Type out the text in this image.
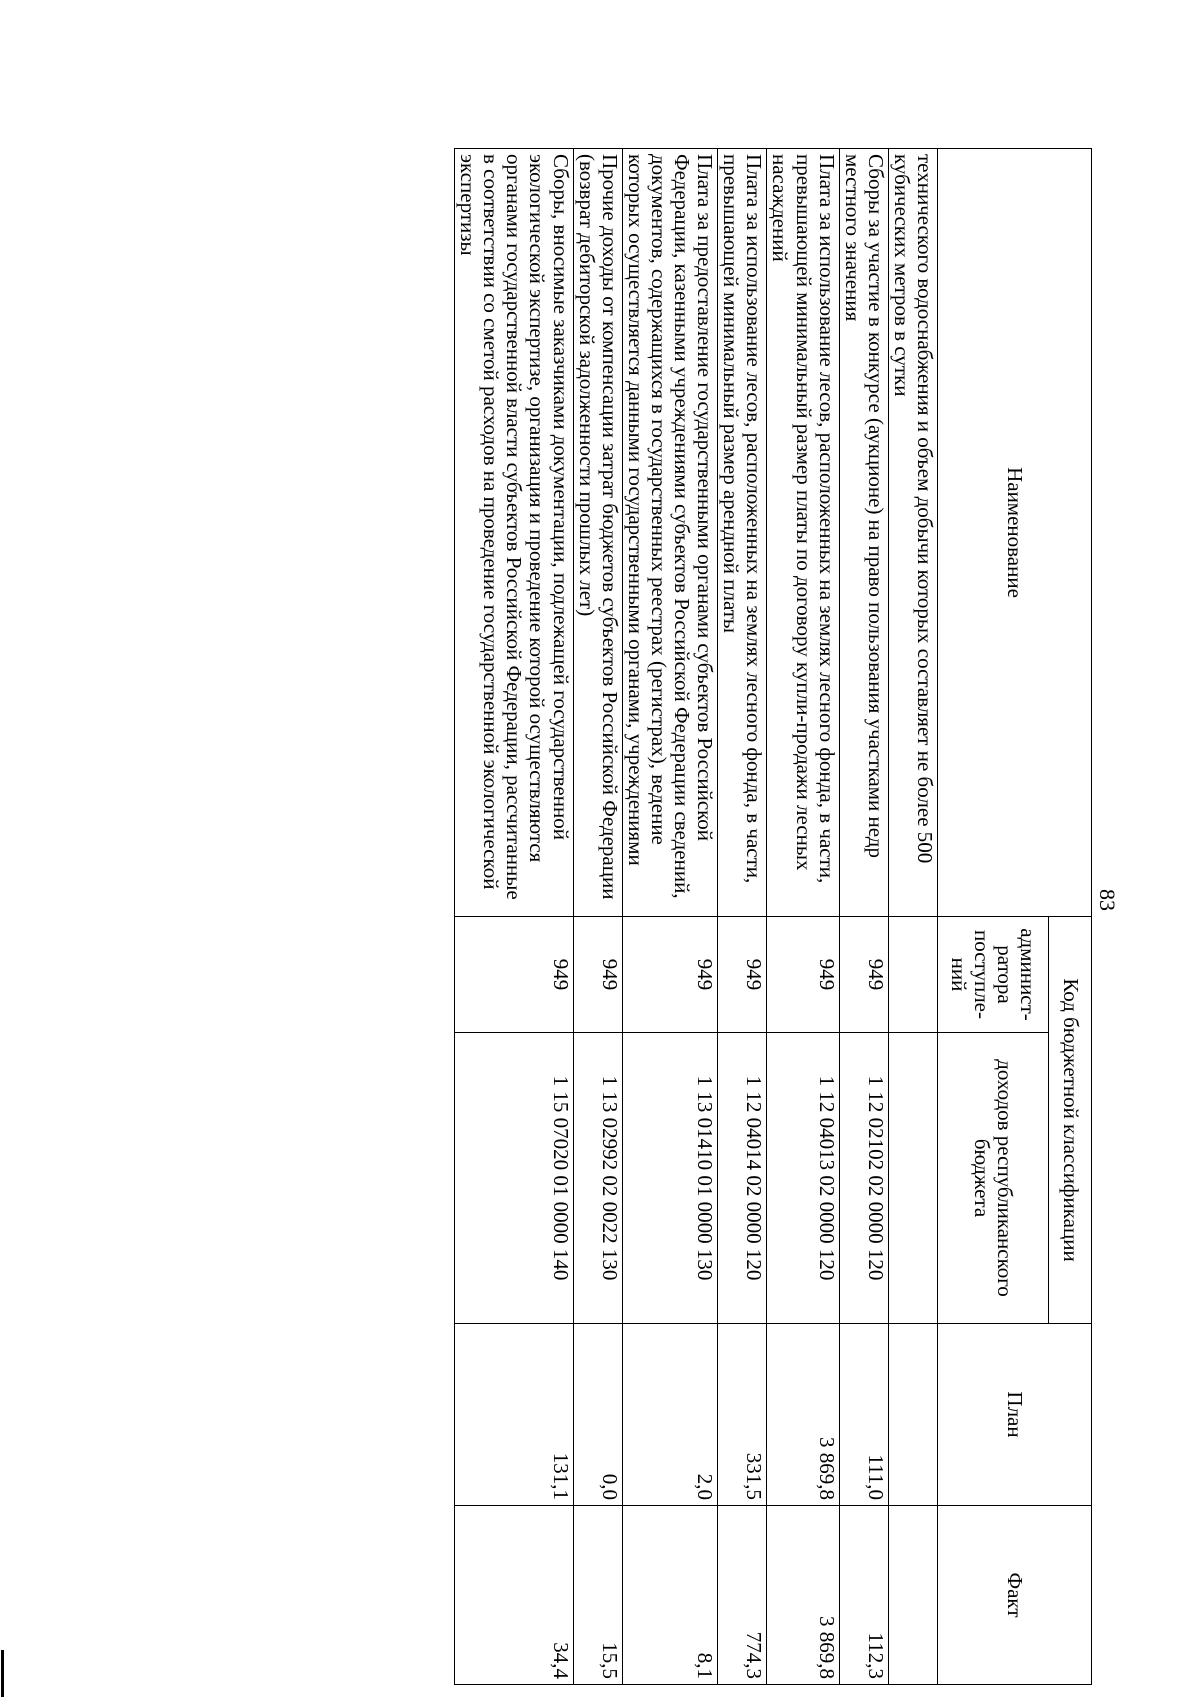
83
Наименование	Код бюджетной классификации		План	Факт
	админист-ратора поступле-ний	доходов республиканского бюджета		
технического водоснабжения и объем добычи которых составляет не более 500 кубических метров в сутки				
Сборы за участие в конкурсе (аукционе) на право пользования участками недр местного значения	949	1 12 02102 02 0000 120	111,0	112,3
Плата за использование лесов, расположенных на землях лесного фонда, в части, превышающей минимальный размер платы по договору купли-продажи лесных насаждений	949	1 12 04013 02 0000 120	3 869,8	3 869,8
Плата за использование лесов, расположенных на землях лесного фонда, в части, превышающей минимальный размер арендной платы	949	1 12 04014 02 0000 120	331,5	774,3
Плата за предоставление государственными органами субъектов Российской Федерации, казенными учреждениями субъектов Российской Федерации сведений, документов, содержащихся в государственных реестрах (регистрах), ведение которых осуществляется данными государственными органами, учреждениями	949	1 13 01410 01 0000 130	2,0	8,1
Прочие доходы от компенсации затрат бюджетов субъектов Российской Федерации (возврат дебиторской задолженности прошлых лет)	949	1 13 02992 02 0022 130	0,0	15,5
Сборы, вносимые заказчиками документации, подлежащей государственной экологической экспертизе, организация и проведение которой осуществляются органами государственной власти субъектов Российской Федерации, рассчитанные в соответствии со сметой расходов на проведение государственной экологической экспертизы	949	1 15 07020 01 0000 140	131,1	34,4
